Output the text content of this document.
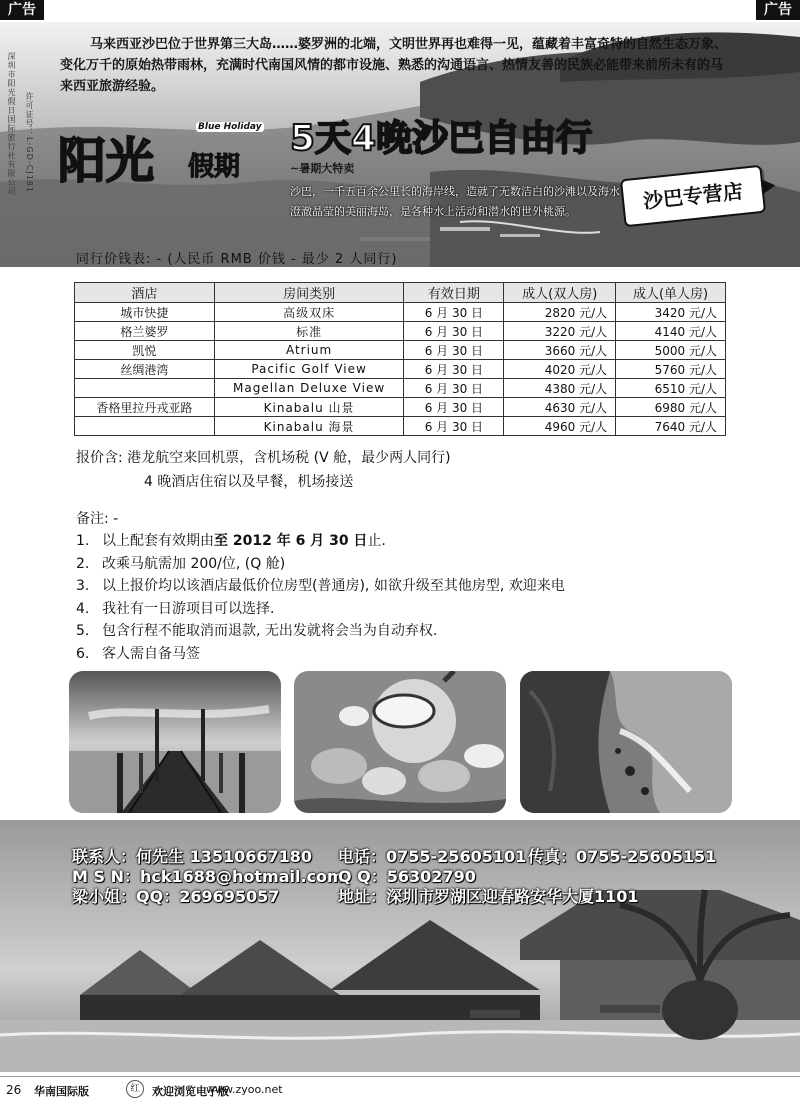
广告	广告
深圳市阳光假日国际旅行社有限公司 许可证号：L-GD-CJ181
马来西亚沙巴位于世界第三大岛……婆罗洲的北端，文明世界再也难得一见，蕴藏着丰富奇特的自然生态万象、变化万千的原始热带雨林，充满时代南国风情的都市设施、熟悉的沟通语言、热情友善的民族必能带来前所未有的马来西亚旅游经验。
阳光 假期
Blue Holiday 5天4晚沙巴自由行
~暑期大特卖
沙巴，一千五百余公里长的海岸线，造就了无数洁白的沙滩以及海水澄澈晶莹的美丽海岛，是各种水上活动和潜水的世外桃源。	沙巴专营店
同行价钱表: - (人民币 RMB 价钱 - 最少 2 人同行)
酒店	房间类别	有效日期	成人(双人房)	成人(单人房)
城市快捷	高级双床	6 月 30 日	2820 元/人	3420 元/人
格兰婆罗	标准	6 月 30 日	3220 元/人	4140 元/人
凯悦	Atrium	6 月 30 日	3660 元/人	5000 元/人
丝绸港湾	Pacific Golf View	6 月 30 日	4020 元/人	5760 元/人
	Magellan Deluxe View	6 月 30 日	4380 元/人	6510 元/人
香格里拉丹戎亚路	Kinabalu 山景	6 月 30 日	4630 元/人	6980 元/人
	Kinabalu 海景	6 月 30 日	4960 元/人	7640 元/人
报价含: 港龙航空来回机票，含机场税 (V 舱，最少两人同行)
4 晚酒店住宿以及早餐，机场接送
备注: -
1. 以上配套有效期由至 2012 年 6 月 30 日止.
2. 改乘马航需加 200/位, (Q 舱)
3. 以上报价均以该酒店最低价位房型(普通房), 如欲升级至其他房型, 欢迎来电
4. 我社有一日游项目可以选择.
5. 包含行程不能取消而退款, 无出发就将会当为自动弃权.
6. 客人需自备马签
联系人：何先生 13510667180 电话：0755-25605101 传真：0755-25605151
M S N：hck1688@hotmail.com
Q Q：56302790
梁小姐：QQ：269695057	地址：深圳市罗湖区迎春路安华大厦1101
26 华南国际版	红	欢迎浏览电子版
www.zyoo.net
